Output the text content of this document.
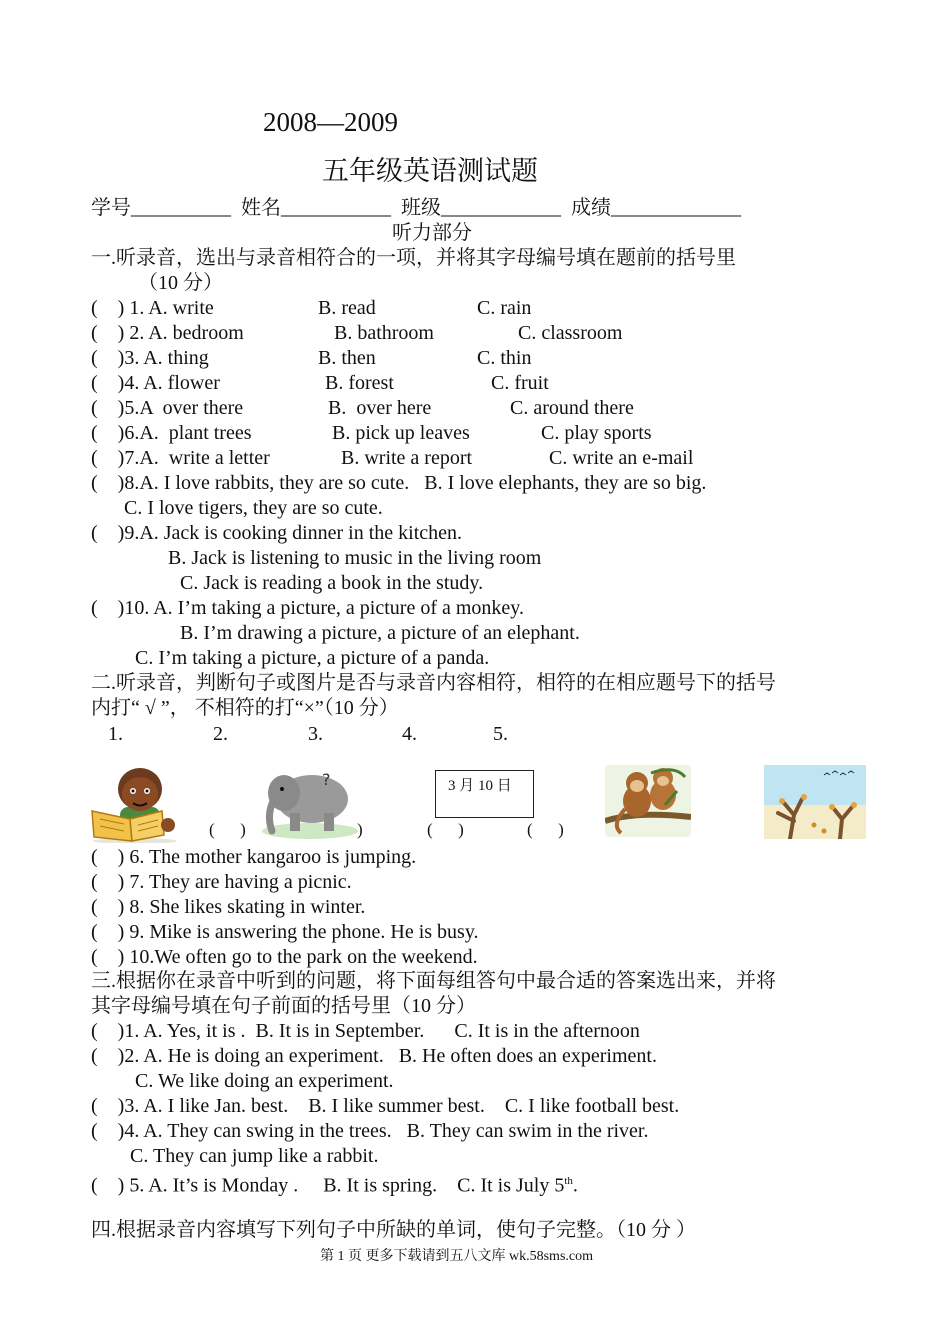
2008—2009
五年级英语测试题
学号__________  姓名___________  班级____________  成绩_____________
听力部分
一.听录音，选出与录音相符合的一项，并将其字母编号填在题前的括号里
（10 分）
(    ) 1. A. write	B. read	C. rain
(    ) 2. A. bedroom	B. bathroom	C. classroom
(    )3. A. thing	B. then	C. thin
(    )4. A. flower	B. forest	C. fruit
(    )5.A  over there	B.  over here	C. around there
(    )6.A.  plant trees	B. pick up leaves	C. play sports
(    )7.A.  write a letter	B. write a report	C. write an e-mail
(    )8.A. I love rabbits, they are so cute.   B. I love elephants, they are so big.
C. I love tigers, they are so cute.
(    )9.A. Jack is cooking dinner in the kitchen.
B. Jack is listening to music in the living room
C. Jack is reading a book in the study.
(    )10. A. I’m taking a picture, a picture of a monkey.
B. I’m drawing a picture, a picture of an elephant.
C. I’m taking a picture, a picture of a panda.
二.听录音，判断句子或图片是否与录音内容相符，相符的在相应题号下的括号
内打“ √ ”， 不相符的打“×”（10 分）
1.	2.	3.	4.	5.
(      )
?
)
3 月 10 日
(      )	(      )
(    ) 6. The mother kangaroo is jumping.
(    ) 7. They are having a picnic.
(    ) 8. She likes skating in winter.
(    ) 9. Mike is answering the phone. He is busy.
(    ) 10.We often go to the park on the weekend.
三.根据你在录音中听到的问题，将下面每组答句中最合适的答案选出来，并将
其字母编号填在句子前面的括号里（10 分）
(    )1. A. Yes, it is .  B. It is in September.      C. It is in the afternoon
(    )2. A. He is doing an experiment.   B. He often does an experiment.
C. We like doing an experiment.
(    )3. A. I like Jan. best.    B. I like summer best.    C. I like football best.
(    )4. A. They can swing in the trees.   B. They can swim in the river.
C. They can jump like a rabbit.
(    ) 5. A. It’s is Monday .     B. It is spring.    C. It is July 5th.
四.根据录音内容填写下列句子中所缺的单词，使句子完整。（10 分 ）
第 1 页 更多下载请到五八文库 wk.58sms.com
